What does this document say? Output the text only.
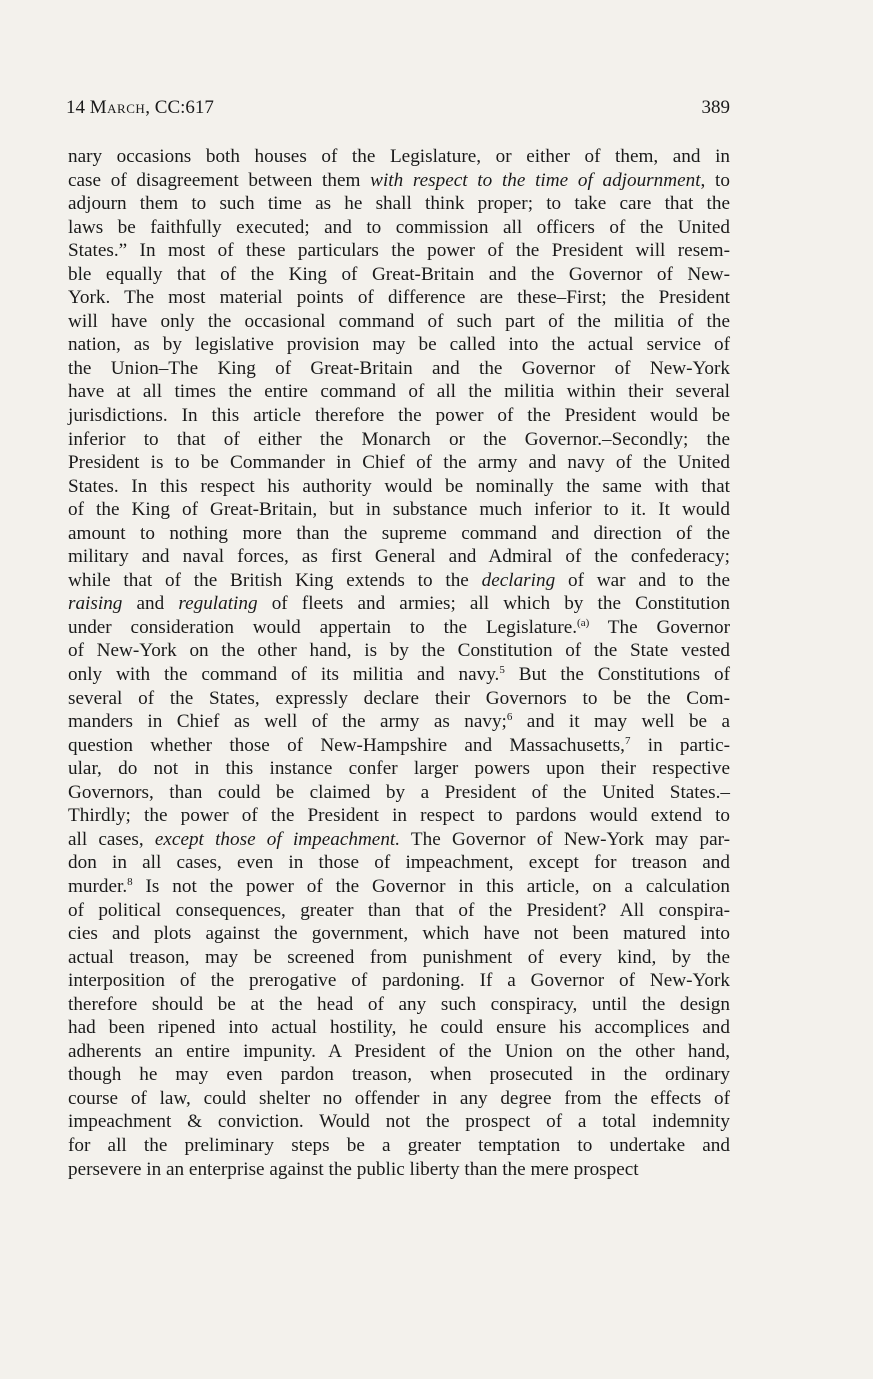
14 March, CC:617	389
nary occasions both houses of the Legislature, or either of them, and in
case of disagreement between them with respect to the time of adjournment, to
adjourn them to such time as he shall think proper; to take care that the
laws be faithfully executed; and to commission all officers of the United
States.” In most of these particulars the power of the President will resem-
ble equally that of the King of Great-Britain and the Governor of New-
York. The most material points of difference are these–First; the President
will have only the occasional command of such part of the militia of the
nation, as by legislative provision may be called into the actual service of
the Union–The King of Great-Britain and the Governor of New-York
have at all times the entire command of all the militia within their several
jurisdictions. In this article therefore the power of the President would be
inferior to that of either the Monarch or the Governor.–Secondly; the
President is to be Commander in Chief of the army and navy of the United
States. In this respect his authority would be nominally the same with that
of the King of Great-Britain, but in substance much inferior to it. It would
amount to nothing more than the supreme command and direction of the
military and naval forces, as first General and Admiral of the confederacy;
while that of the British King extends to the declaring of war and to the
raising and regulating of fleets and armies; all which by the Constitution
under consideration would appertain to the Legislature.$^{(a)}$ The Governor
of New-York on the other hand, is by the Constitution of the State vested
only with the command of its militia and navy.$^5$ But the Constitutions of
several of the States, expressly declare their Governors to be the Com-
manders in Chief as well of the army as navy;$^6$ and it may well be a
question whether those of New-Hampshire and Massachusetts,$^7$ in partic-
ular, do not in this instance confer larger powers upon their respective
Governors, than could be claimed by a President of the United States.–
Thirdly; the power of the President in respect to pardons would extend to
all cases, except those of impeachment. The Governor of New-York may par-
don in all cases, even in those of impeachment, except for treason and
murder.$^8$ Is not the power of the Governor in this article, on a calculation
of political consequences, greater than that of the President? All conspira-
cies and plots against the government, which have not been matured into
actual treason, may be screened from punishment of every kind, by the
interposition of the prerogative of pardoning. If a Governor of New-York
therefore should be at the head of any such conspiracy, until the design
had been ripened into actual hostility, he could ensure his accomplices and
adherents an entire impunity. A President of the Union on the other hand,
though he may even pardon treason, when prosecuted in the ordinary
course of law, could shelter no offender in any degree from the effects of
impeachment & conviction. Would not the prospect of a total indemnity
for all the preliminary steps be a greater temptation to undertake and
persevere in an enterprise against the public liberty than the mere prospect
